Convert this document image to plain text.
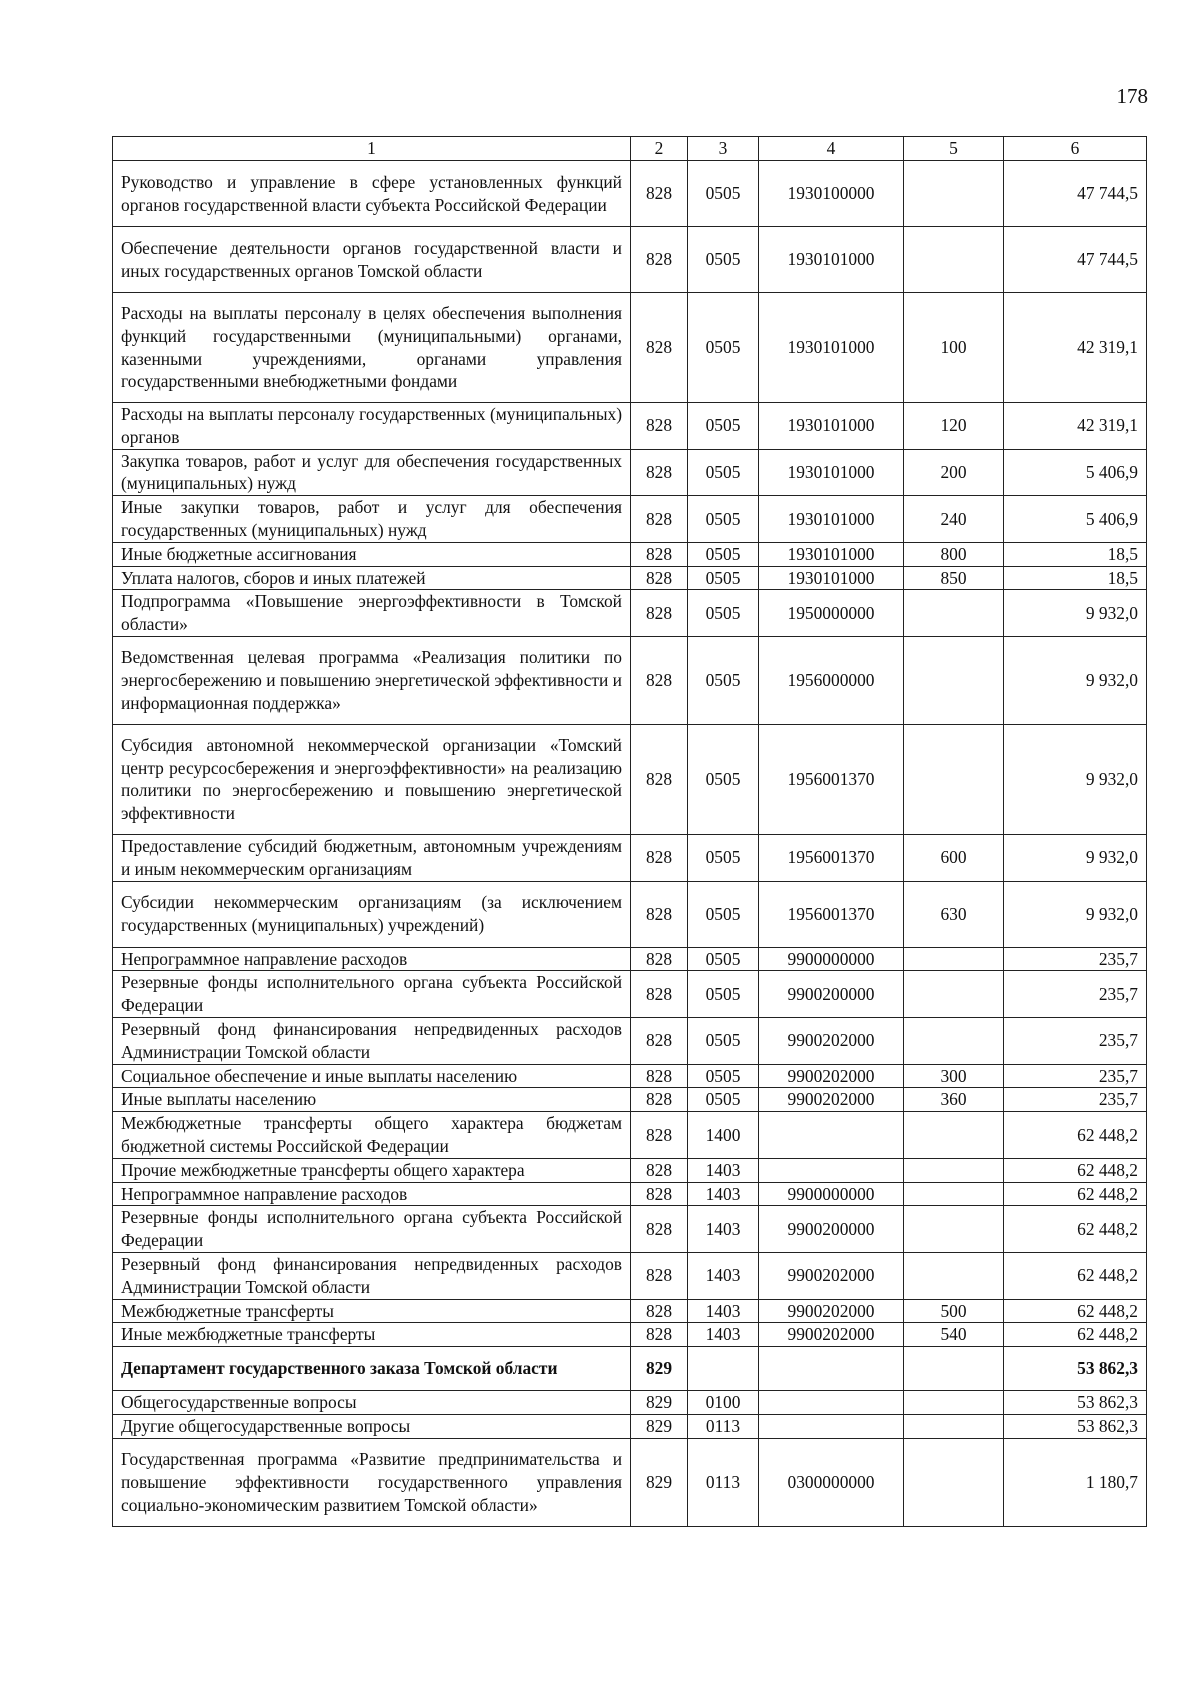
178
1	2	3	4	5	6
Руководство и управление в сфере установленных функций органов государственной власти субъекта Российской Федерации	828	0505	1930100000		47 744,5
Обеспечение деятельности органов государственной власти и иных государственных органов Томской области	828	0505	1930101000		47 744,5
Расходы на выплаты персоналу в целях обеспечения выполнения функций государственными (муниципальными) органами, казенными учреждениями, органами управления государственными внебюджетными фондами	828	0505	1930101000	100	42 319,1
Расходы на выплаты персоналу государственных (муниципальных) органов	828	0505	1930101000	120	42 319,1
Закупка товаров, работ и услуг для обеспечения государственных (муниципальных) нужд	828	0505	1930101000	200	5 406,9
Иные закупки товаров, работ и услуг для обеспечения государственных (муниципальных) нужд	828	0505	1930101000	240	5 406,9
Иные бюджетные ассигнования	828	0505	1930101000	800	18,5
Уплата налогов, сборов и иных платежей	828	0505	1930101000	850	18,5
Подпрограмма «Повышение энергоэффективности в Томской области»	828	0505	1950000000		9 932,0
Ведомственная целевая программа «Реализация политики по энергосбережению и повышению энергетической эффективности и информационная поддержка»	828	0505	1956000000		9 932,0
Субсидия автономной некоммерческой организации «Томский центр ресурсосбережения и энергоэффективности» на реализацию политики по энергосбережению и повышению энергетической эффективности	828	0505	1956001370		9 932,0
Предоставление субсидий бюджетным, автономным учреждениям и иным некоммерческим организациям	828	0505	1956001370	600	9 932,0
Субсидии некоммерческим организациям (за исключением государственных (муниципальных) учреждений)	828	0505	1956001370	630	9 932,0
Непрограммное направление расходов	828	0505	9900000000		235,7
Резервные фонды исполнительного органа субъекта Российской Федерации	828	0505	9900200000		235,7
Резервный фонд финансирования непредвиденных расходов Администрации Томской области	828	0505	9900202000		235,7
Социальное обеспечение и иные выплаты населению	828	0505	9900202000	300	235,7
Иные выплаты населению	828	0505	9900202000	360	235,7
Межбюджетные трансферты общего характера бюджетам бюджетной системы Российской Федерации	828	1400			62 448,2
Прочие межбюджетные трансферты общего характера	828	1403			62 448,2
Непрограммное направление расходов	828	1403	9900000000		62 448,2
Резервные фонды исполнительного органа субъекта Российской Федерации	828	1403	9900200000		62 448,2
Резервный фонд финансирования непредвиденных расходов Администрации Томской области	828	1403	9900202000		62 448,2
Межбюджетные трансферты	828	1403	9900202000	500	62 448,2
Иные межбюджетные трансферты	828	1403	9900202000	540	62 448,2
Департамент государственного заказа Томской области	829				53 862,3
Общегосударственные вопросы	829	0100			53 862,3
Другие общегосударственные вопросы	829	0113			53 862,3
Государственная программа «Развитие предпринимательства и повышение эффективности государственного управления социально-экономическим развитием Томской области»	829	0113	0300000000		1 180,7
